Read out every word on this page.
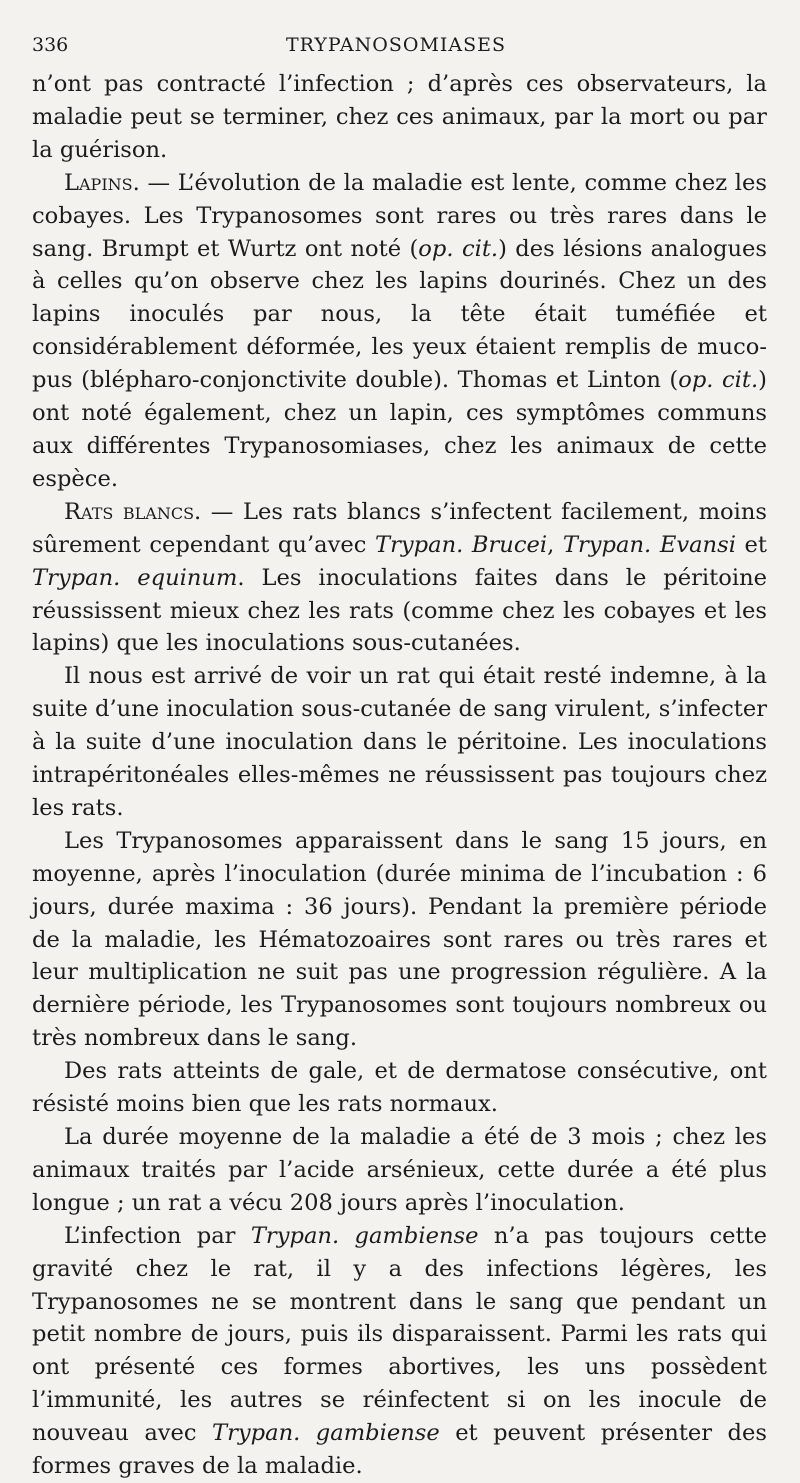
336	TRYPANOSOMIASES

n’ont pas contracté l’infection ; d’après ces observateurs, la maladie peut se terminer, chez ces animaux, par la mort ou par la guérison.

Lapins. — L’évolution de la maladie est lente, comme chez les cobayes. Les Trypanosomes sont rares ou très rares dans le sang. Brumpt et Wurtz ont noté (op. cit.) des lésions analogues à celles qu’on observe chez les lapins dourinés. Chez un des lapins inoculés par nous, la tête était tuméfiée et considérablement déformée, les yeux étaient remplis de muco-pus (blépharo-conjonctivite double). Thomas et Linton (op. cit.) ont noté également, chez un lapin, ces symptômes communs aux différentes Trypanosomiases, chez les animaux de cette espèce.

Rats blancs. — Les rats blancs s’infectent facilement, moins sûrement cependant qu’avec Trypan. Brucei, Trypan. Evansi et Trypan. equinum. Les inoculations faites dans le péritoine réussissent mieux chez les rats (comme chez les cobayes et les lapins) que les inoculations sous-cutanées.

Il nous est arrivé de voir un rat qui était resté indemne, à la suite d’une inoculation sous-cutanée de sang virulent, s’infecter à la suite d’une inoculation dans le péritoine. Les inoculations intrapéritonéales elles-mêmes ne réussissent pas toujours chez les rats.

Les Trypanosomes apparaissent dans le sang 15 jours, en moyenne, après l’inoculation (durée minima de l’incubation : 6 jours, durée maxima : 36 jours). Pendant la première période de la maladie, les Hématozoaires sont rares ou très rares et leur multiplication ne suit pas une progression régulière. A la dernière période, les Trypanosomes sont toujours nombreux ou très nombreux dans le sang.

Des rats atteints de gale, et de dermatose consécutive, ont résisté moins bien que les rats normaux.

La durée moyenne de la maladie a été de 3 mois ; chez les animaux traités par l’acide arsénieux, cette durée a été plus longue ; un rat a vécu 208 jours après l’inoculation.

L’infection par Trypan. gambiense n’a pas toujours cette gravité chez le rat, il y a des infections légères, les Trypanosomes ne se montrent dans le sang que pendant un petit nombre de jours, puis ils disparaissent. Parmi les rats qui ont présenté ces formes abortives, les uns possèdent l’immunité, les autres se réinfectent si on les inocule de nouveau avec Trypan. gambiense et peuvent présenter des formes graves de la maladie.
